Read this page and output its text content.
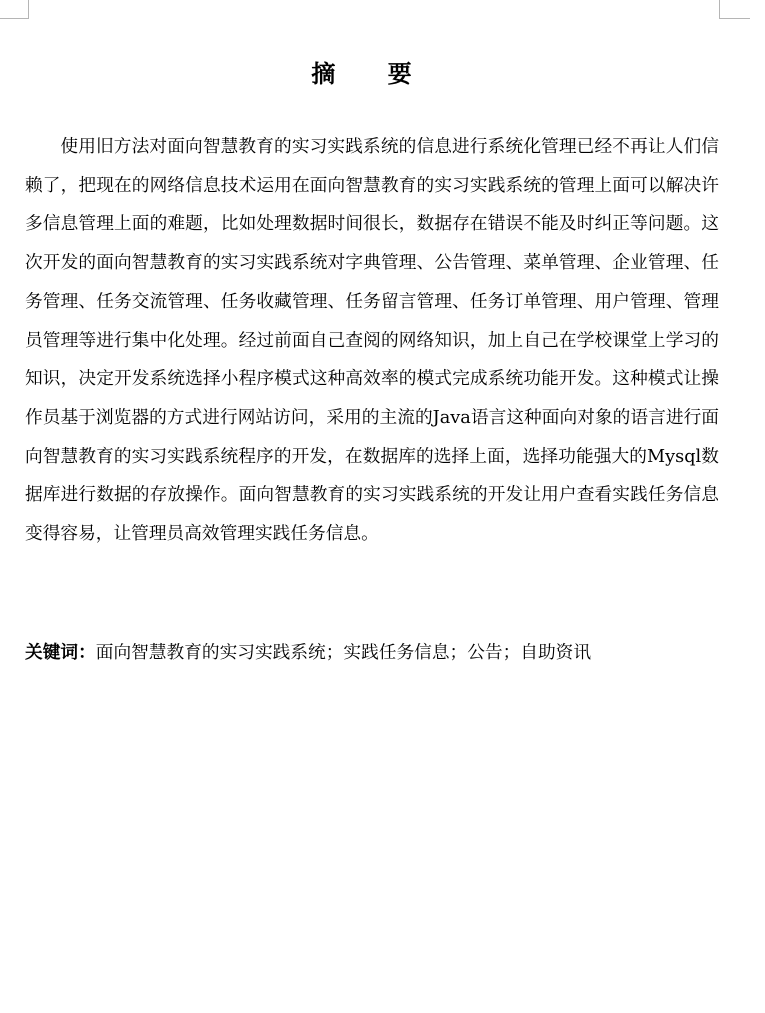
摘 要

使用旧方法对面向智慧教育的实习实践系统的信息进行系统化管理已经不再让人们信赖了，把现在的网络信息技术运用在面向智慧教育的实习实践系统的管理上面可以解决许多信息管理上面的难题，比如处理数据时间很长，数据存在错误不能及时纠正等问题。这次开发的面向智慧教育的实习实践系统对字典管理、公告管理、菜单管理、企业管理、任务管理、任务交流管理、任务收藏管理、任务留言管理、任务订单管理、用户管理、管理员管理等进行集中化处理。经过前面自己查阅的网络知识，加上自己在学校课堂上学习的知识，决定开发系统选择小程序模式这种高效率的模式完成系统功能开发。这种模式让操作员基于浏览器的方式进行网站访问，采用的主流的Java语言这种面向对象的语言进行面向智慧教育的实习实践系统程序的开发，在数据库的选择上面，选择功能强大的Mysql数据库进行数据的存放操作。面向智慧教育的实习实践系统的开发让用户查看实践任务信息变得容易，让管理员高效管理实践任务信息。

关键词：面向智慧教育的实习实践系统；实践任务信息；公告；自助资讯
